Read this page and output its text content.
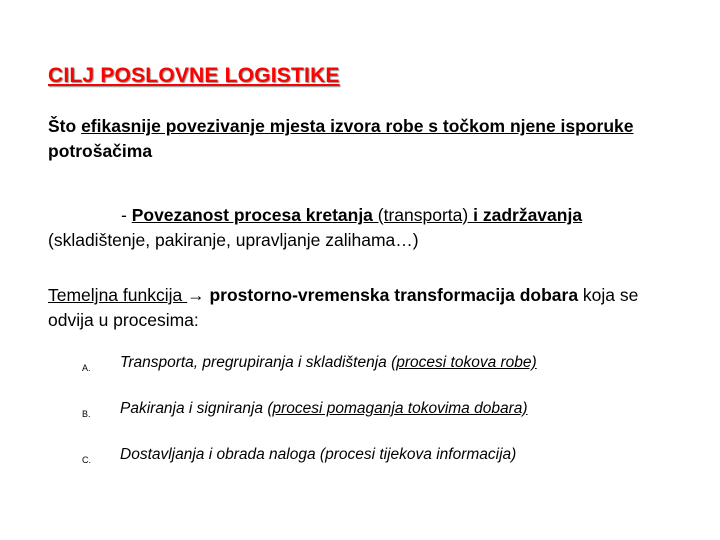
CILJ POSLOVNE LOGISTIKE
Što efikasnije povezivanje mjesta izvora robe s točkom njene isporuke potrošačima
- Povezanost procesa kretanja (transporta) i zadržavanja (skladištenje, pakiranje, upravljanje zalihama…)
Temeljna funkcija → prostorno-vremenska transformacija dobara koja se odvija u procesima:
A.	Transporta, pregrupiranja i skladištenja (procesi tokova robe)
B.	Pakiranja i signiranja (procesi pomaganja tokovima dobara)
C.	Dostavljanja i obrada naloga (procesi tijekova informacija)
